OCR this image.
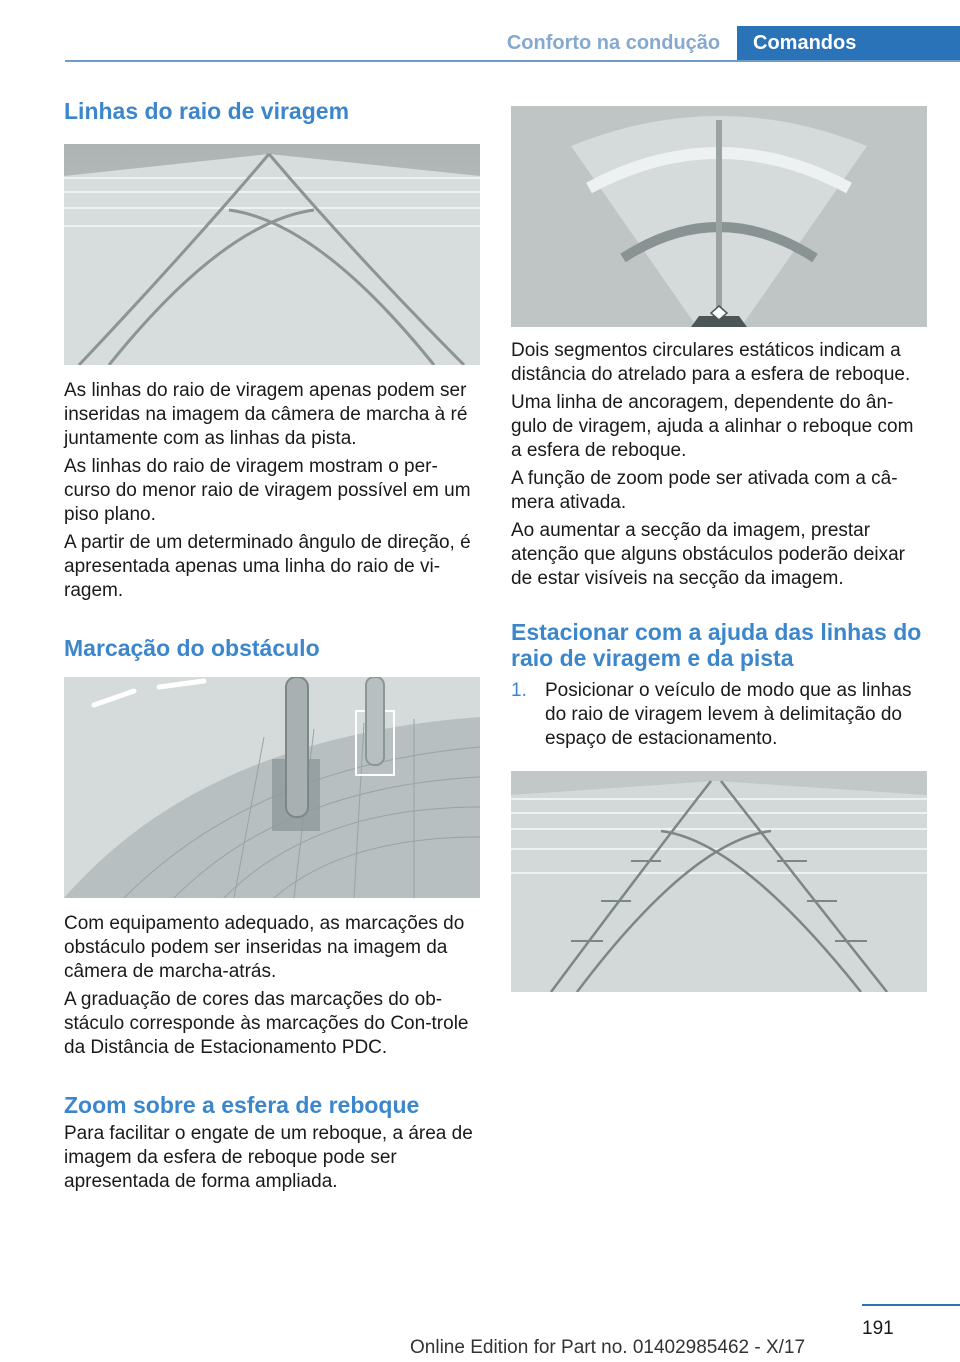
Conforto na condução	Comandos
Linhas do raio de viragem

As linhas do raio de viragem apenas podem ser inseridas na imagem da câmera de marcha à ré juntamente com as linhas da pista.

As linhas do raio de viragem mostram o per‐curso do menor raio de viragem possível em um piso plano.

A partir de um determinado ângulo de direção, é apresentada apenas uma linha do raio de vi‐ragem.

Marcação do obstáculo

Com equipamento adequado, as marcações do obstáculo podem ser inseridas na imagem da câmera de marcha-atrás.

A graduação de cores das marcações do ob‐stáculo corresponde às marcações do Con‐trole da Distância de Estacionamento PDC.

Zoom sobre a esfera de reboque

Para facilitar o engate de um reboque, a área de imagem da esfera de reboque pode ser apresentada de forma ampliada.

Dois segmentos circulares estáticos indicam a distância do atrelado para a esfera de reboque.

Uma linha de ancoragem, dependente do ân‐gulo de viragem, ajuda a alinhar o reboque com a esfera de reboque.

A função de zoom pode ser ativada com a câ‐mera ativada.

Ao aumentar a secção da imagem, prestar atenção que alguns obstáculos poderão deixar de estar visíveis na secção da imagem.

Estacionar com a ajuda das linhas do raio de viragem e da pista
1. Posicionar o veículo de modo que as linhas do raio de viragem levem à delimitação do espaço de estacionamento.
191
Online Edition for Part no. 01402985462 - X/17
